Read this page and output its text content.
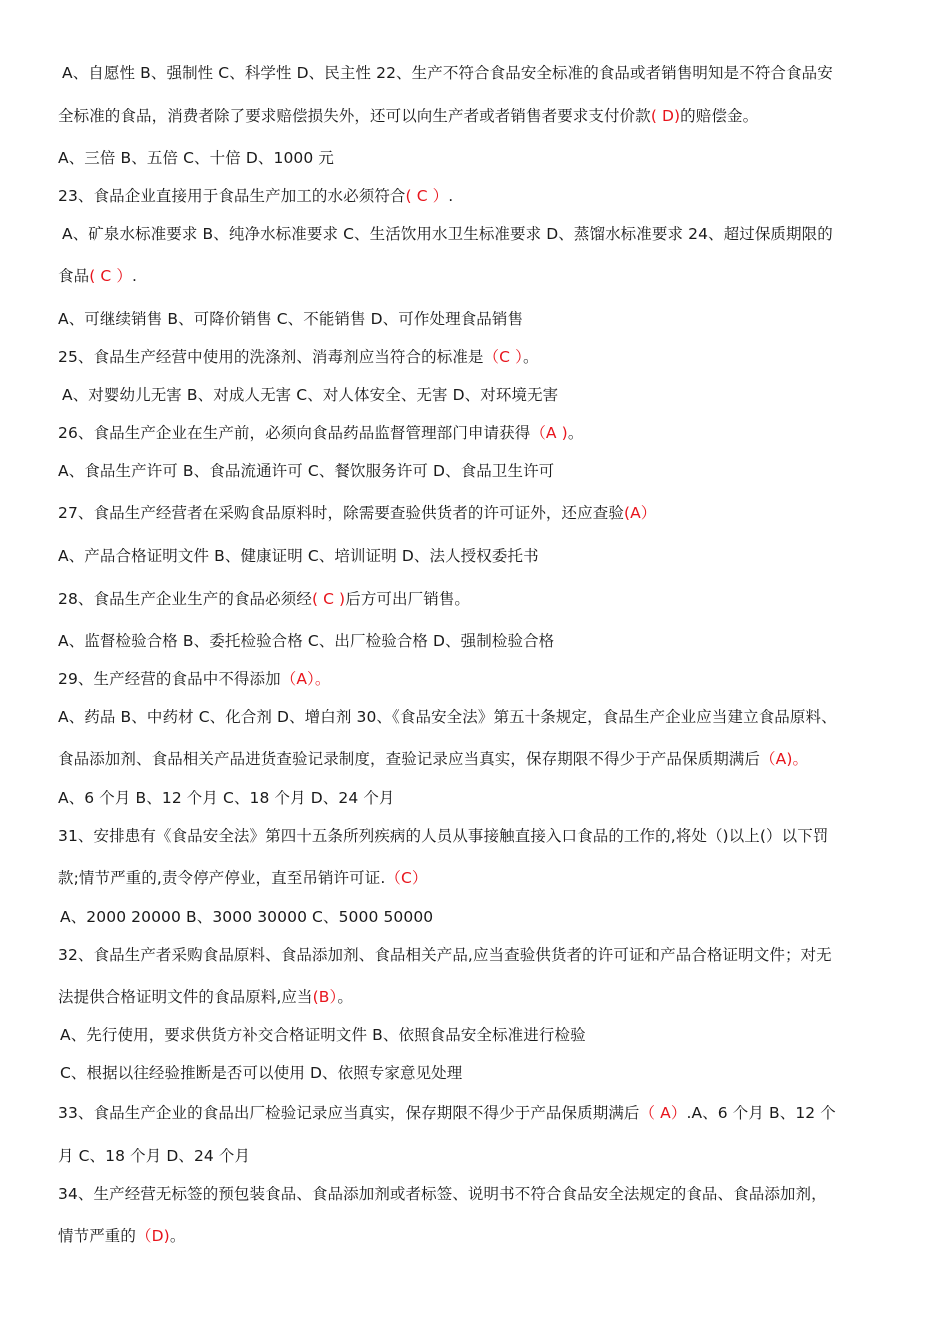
A、自愿性 B、强制性 C、科学性 D、民主性 22、生产不符合食品安全标准的食品或者销售明知是不符合食品安
全标准的食品，消费者除了要求赔偿损失外，还可以向生产者或者销售者要求支付价款( D)的赔偿金。
A、三倍 B、五倍 C、十倍 D、1000 元
23、食品企业直接用于食品生产加工的水必须符合( C ）.
A、矿泉水标准要求 B、纯净水标准要求 C、生活饮用水卫生标准要求 D、蒸馏水标准要求 24、超过保质期限的
食品( C ）.
A、可继续销售 B、可降价销售 C、不能销售 D、可作处理食品销售
25、食品生产经营中使用的洗涤剂、消毒剂应当符合的标准是（C ）。
A、对婴幼儿无害 B、对成人无害 C、对人体安全、无害 D、对环境无害
26、食品生产企业在生产前，必须向食品药品监督管理部门申请获得（A )。
A、食品生产许可 B、食品流通许可 C、餐饮服务许可 D、食品卫生许可
27、食品生产经营者在采购食品原料时，除需要查验供货者的许可证外，还应查验(A）
A、产品合格证明文件 B、健康证明 C、培训证明 D、法人授权委托书
28、食品生产企业生产的食品必须经( C )后方可出厂销售。
A、监督检验合格 B、委托检验合格 C、出厂检验合格 D、强制检验合格
29、生产经营的食品中不得添加（A）。
A、药品 B、中药材 C、化合剂 D、增白剂 30、《食品安全法》第五十条规定，食品生产企业应当建立食品原料、
食品添加剂、食品相关产品进货查验记录制度，查验记录应当真实，保存期限不得少于产品保质期满后（A)。
A、6 个月 B、12 个月 C、18 个月 D、24 个月
31、安排患有《食品安全法》第四十五条所列疾病的人员从事接触直接入口食品的工作的,将处（)以上(）以下罚
款;情节严重的,责令停产停业，直至吊销许可证.（C）
A、2000 20000 B、3000 30000 C、5000 50000
32、食品生产者采购食品原料、食品添加剂、食品相关产品,应当查验供货者的许可证和产品合格证明文件；对无
法提供合格证明文件的食品原料,应当(B）。
A、先行使用，要求供货方补交合格证明文件 B、依照食品安全标准进行检验
C、根据以往经验推断是否可以使用 D、依照专家意见处理
33、食品生产企业的食品出厂检验记录应当真实，保存期限不得少于产品保质期满后（ A）.A、6 个月 B、12 个
月 C、18 个月 D、24 个月
34、生产经营无标签的预包装食品、食品添加剂或者标签、说明书不符合食品安全法规定的食品、食品添加剂，
情节严重的（D)。
